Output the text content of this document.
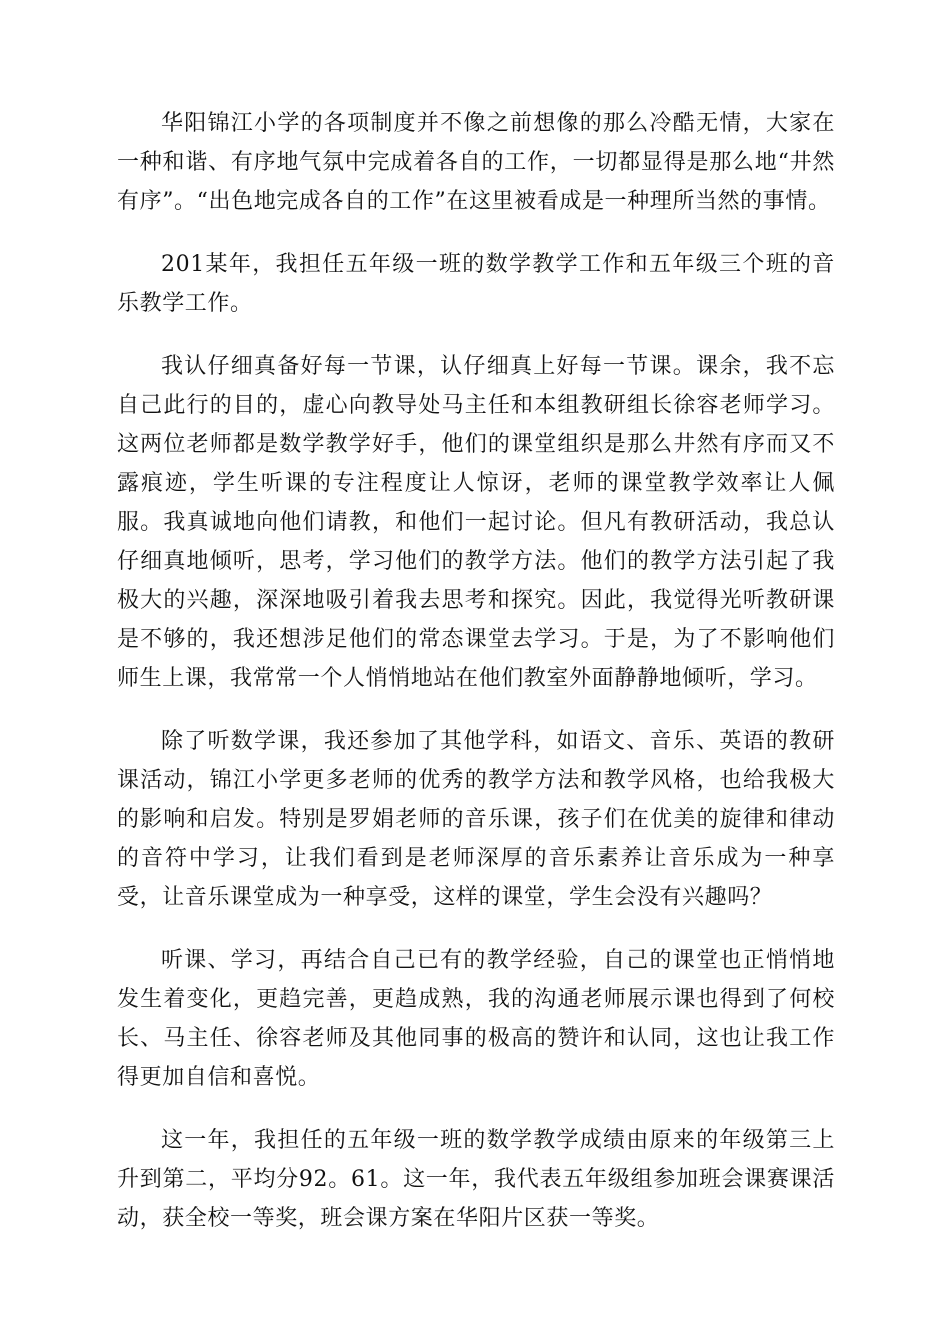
华阳锦江小学的各项制度并不像之前想像的那么冷酷无情，大家在一种和谐、有序地气氛中完成着各自的工作，一切都显得是那么地“井然有序”。“出色地完成各自的工作”在这里被看成是一种理所当然的事情。

201某年，我担任五年级一班的数学教学工作和五年级三个班的音乐教学工作。

我认仔细真备好每一节课，认仔细真上好每一节课。课余，我不忘自己此行的目的，虚心向教导处马主任和本组教研组长徐容老师学习。这两位老师都是数学教学好手，他们的课堂组织是那么井然有序而又不露痕迹，学生听课的专注程度让人惊讶，老师的课堂教学效率让人佩服。我真诚地向他们请教，和他们一起讨论。但凡有教研活动，我总认仔细真地倾听，思考，学习他们的教学方法。他们的教学方法引起了我极大的兴趣，深深地吸引着我去思考和探究。因此，我觉得光听教研课是不够的，我还想涉足他们的常态课堂去学习。于是，为了不影响他们师生上课，我常常一个人悄悄地站在他们教室外面静静地倾听，学习。

除了听数学课，我还参加了其他学科，如语文、音乐、英语的教研课活动，锦江小学更多老师的优秀的教学方法和教学风格，也给我极大的影响和启发。特别是罗娟老师的音乐课，孩子们在优美的旋律和律动的音符中学习，让我们看到是老师深厚的音乐素养让音乐成为一种享受，让音乐课堂成为一种享受，这样的课堂，学生会没有兴趣吗？

听课、学习，再结合自己已有的教学经验，自己的课堂也正悄悄地发生着变化，更趋完善，更趋成熟，我的沟通老师展示课也得到了何校长、马主任、徐容老师及其他同事的极高的赞许和认同，这也让我工作得更加自信和喜悦。

这一年，我担任的五年级一班的数学教学成绩由原来的年级第三上升到第二，平均分92。61。这一年，我代表五年级组参加班会课赛课活动，获全校一等奖，班会课方案在华阳片区获一等奖。
